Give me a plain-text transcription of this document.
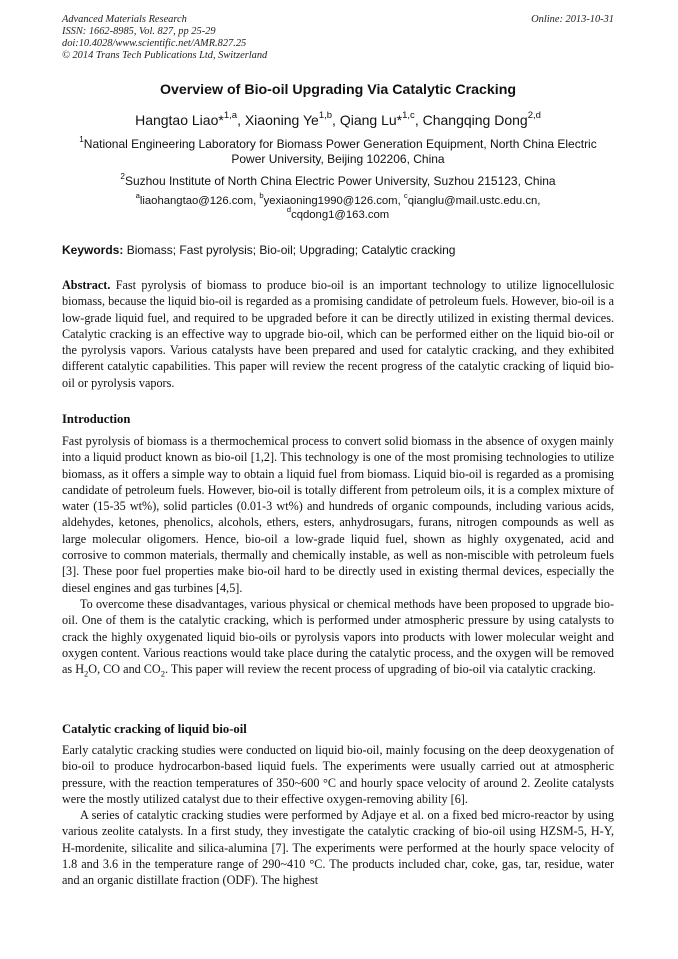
Advanced Materials Research
ISSN: 1662-8985, Vol. 827, pp 25-29
doi:10.4028/www.scientific.net/AMR.827.25
© 2014 Trans Tech Publications Ltd, Switzerland
Online: 2013-10-31
Overview of Bio-oil Upgrading Via Catalytic Cracking
Hangtao Liao*$^{1,a}$, Xiaoning Ye$^{1,b}$, Qiang Lu*$^{1,c}$, Changqing Dong$^{2,d}$
$^1$National Engineering Laboratory for Biomass Power Generation Equipment, North China Electric Power University, Beijing 102206, China
$^2$Suzhou Institute of North China Electric Power University, Suzhou 215123, China
$^a$liaohangtao@126.com, $^b$yexiaoning1990@126.com, $^c$qianglu@mail.ustc.edu.cn,
$^d$cqdong1@163.com
Keywords: Biomass; Fast pyrolysis; Bio-oil; Upgrading; Catalytic cracking

Abstract. Fast pyrolysis of biomass to produce bio-oil is an important technology to utilize lignocellulosic biomass, because the liquid bio-oil is regarded as a promising candidate of petroleum fuels. However, bio-oil is a low-grade liquid fuel, and required to be upgraded before it can be directly utilized in existing thermal devices. Catalytic cracking is an effective way to upgrade bio-oil, which can be performed either on the liquid bio-oil or the pyrolysis vapors. Various catalysts have been prepared and used for catalytic cracking, and they exhibited different catalytic capabilities. This paper will review the recent progress of the catalytic cracking of liquid bio-oil or pyrolysis vapors.

Introduction

Fast pyrolysis of biomass is a thermochemical process to convert solid biomass in the absence of oxygen mainly into a liquid product known as bio-oil [1,2]. This technology is one of the most promising technologies to utilize biomass, as it offers a simple way to obtain a liquid fuel from biomass. Liquid bio-oil is regarded as a promising candidate of petroleum fuels. However, bio-oil is totally different from petroleum oils, it is a complex mixture of water (15-35 wt%), solid particles (0.01-3 wt%) and hundreds of organic compounds, including various acids, aldehydes, ketones, phenolics, alcohols, ethers, esters, anhydrosugars, furans, nitrogen compounds as well as large molecular oligomers. Hence, bio-oil a low-grade liquid fuel, shown as highly oxygenated, acid and corrosive to common materials, thermally and chemically instable, as well as non-miscible with petroleum fuels [3]. These poor fuel properties make bio-oil hard to be directly used in existing thermal devices, especially the diesel engines and gas turbines [4,5].

To overcome these disadvantages, various physical or chemical methods have been proposed to upgrade bio-oil. One of them is the catalytic cracking, which is performed under atmospheric pressure by using catalysts to crack the highly oxygenated liquid bio-oils or pyrolysis vapors into products with lower molecular weight and oxygen content. Various reactions would take place during the catalytic process, and the oxygen will be removed as $H_2O$, CO and $CO_2$. This paper will review the recent process of upgrading of bio-oil via catalytic cracking.

Catalytic cracking of liquid bio-oil

Early catalytic cracking studies were conducted on liquid bio-oil, mainly focusing on the deep deoxygenation of bio-oil to produce hydrocarbon-based liquid fuels. The experiments were usually carried out at atmospheric pressure, with the reaction temperatures of 350~600 °C and hourly space velocity of around 2. Zeolite catalysts were the mostly utilized catalyst due to their effective oxygen-removing ability [6].

A series of catalytic cracking studies were performed by Adjaye et al. on a fixed bed micro-reactor by using various zeolite catalysts. In a first study, they investigate the catalytic cracking of bio-oil using HZSM-5, H-Y, H-mordenite, silicalite and silica-alumina [7]. The experiments were performed at the hourly space velocity of 1.8 and 3.6 in the temperature range of 290~410 °C. The products included char, coke, gas, tar, residue, water and an organic distillate fraction (ODF). The highest
